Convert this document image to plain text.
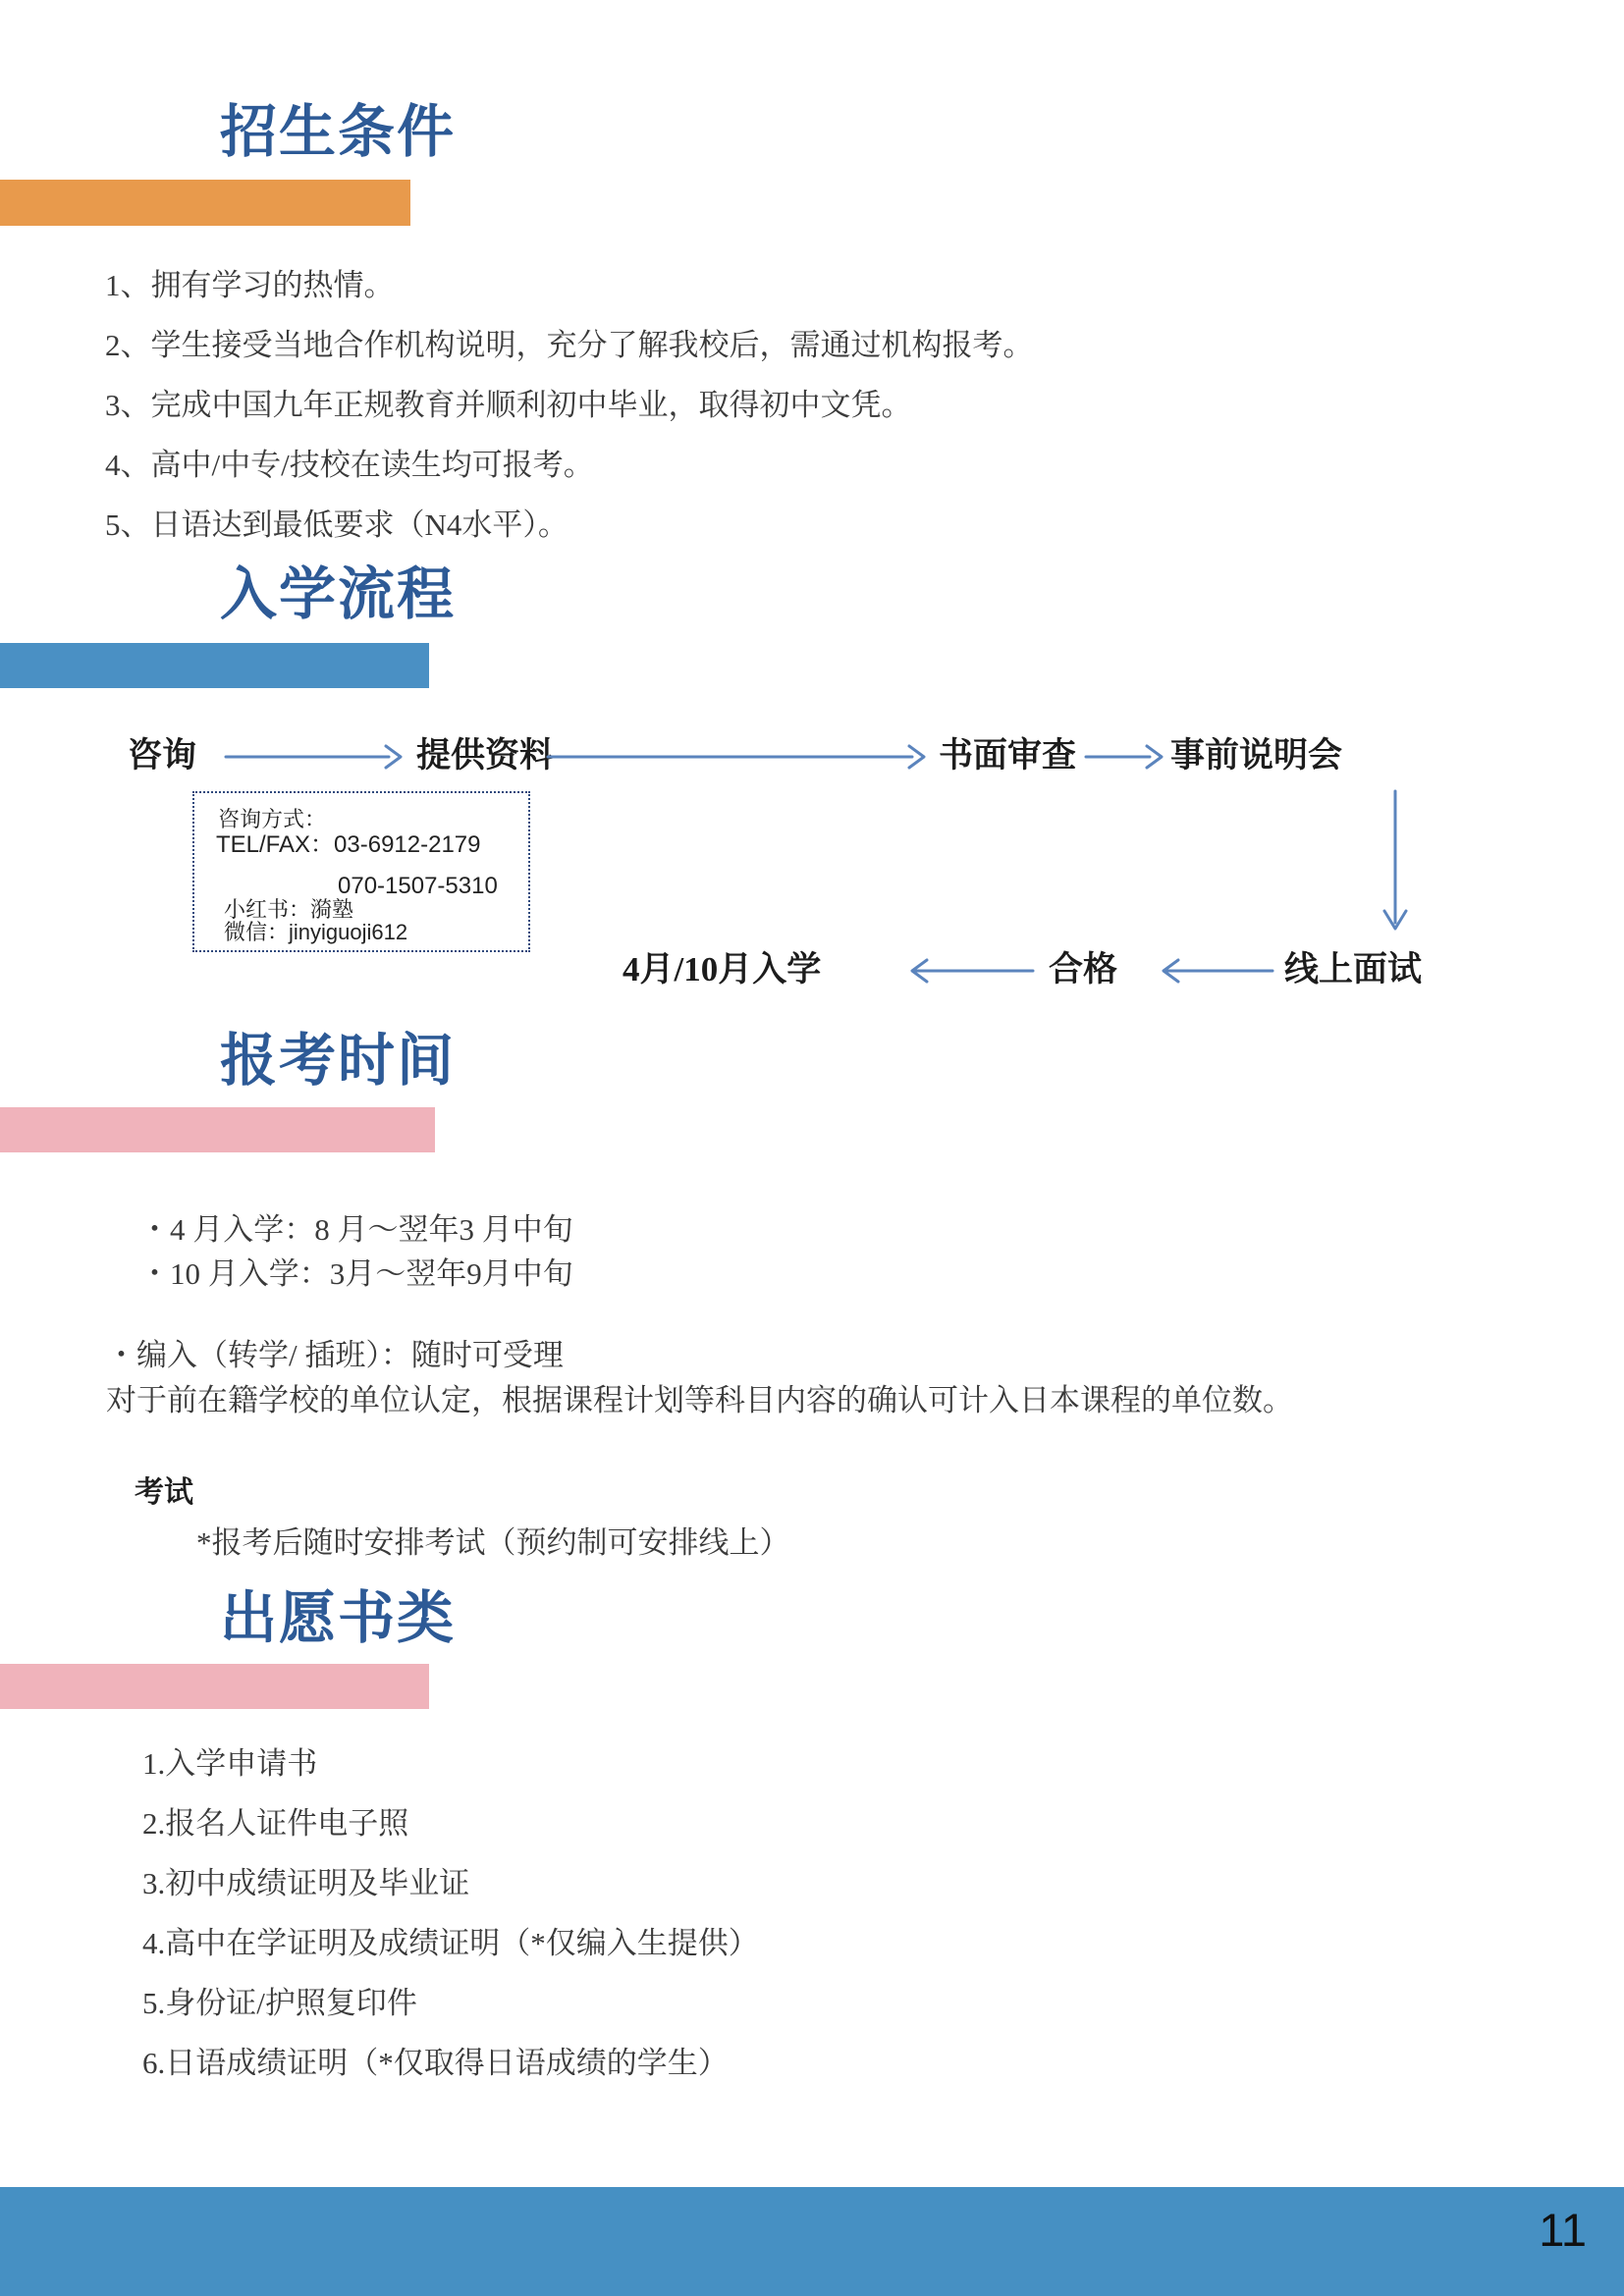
招生条件
1、拥有学习的热情。
2、学生接受当地合作机构说明，充分了解我校后，需通过机构报考。
3、完成中国九年正规教育并顺利初中毕业，取得初中文凭。
4、高中/中专/技校在读生均可报考。
5、日语达到最低要求（N4水平）。
入学流程
咨询	提供资料	书面审查	事前说明会
咨询方式：
TEL/FAX：03-6912-2179
070-1507-5310
小红书：漪塾
微信：jinyiguoji612
4月/10月入学	合格	线上面试
报考时间
・4 月入学：8 月～翌年3 月中旬
・10 月入学：3月～翌年9月中旬
・编入（转学/ 插班）：随时可受理
对于前在籍学校的单位认定，根据课程计划等科目内容的确认可计入日本课程的单位数。
考试
*报考后随时安排考试（预约制可安排线上）
出愿书类
1.入学申请书
2.报名人证件电子照
3.初中成绩证明及毕业证
4.高中在学证明及成绩证明（*仅编入生提供）
5.身份证/护照复印件
6.日语成绩证明（*仅取得日语成绩的学生）
11
